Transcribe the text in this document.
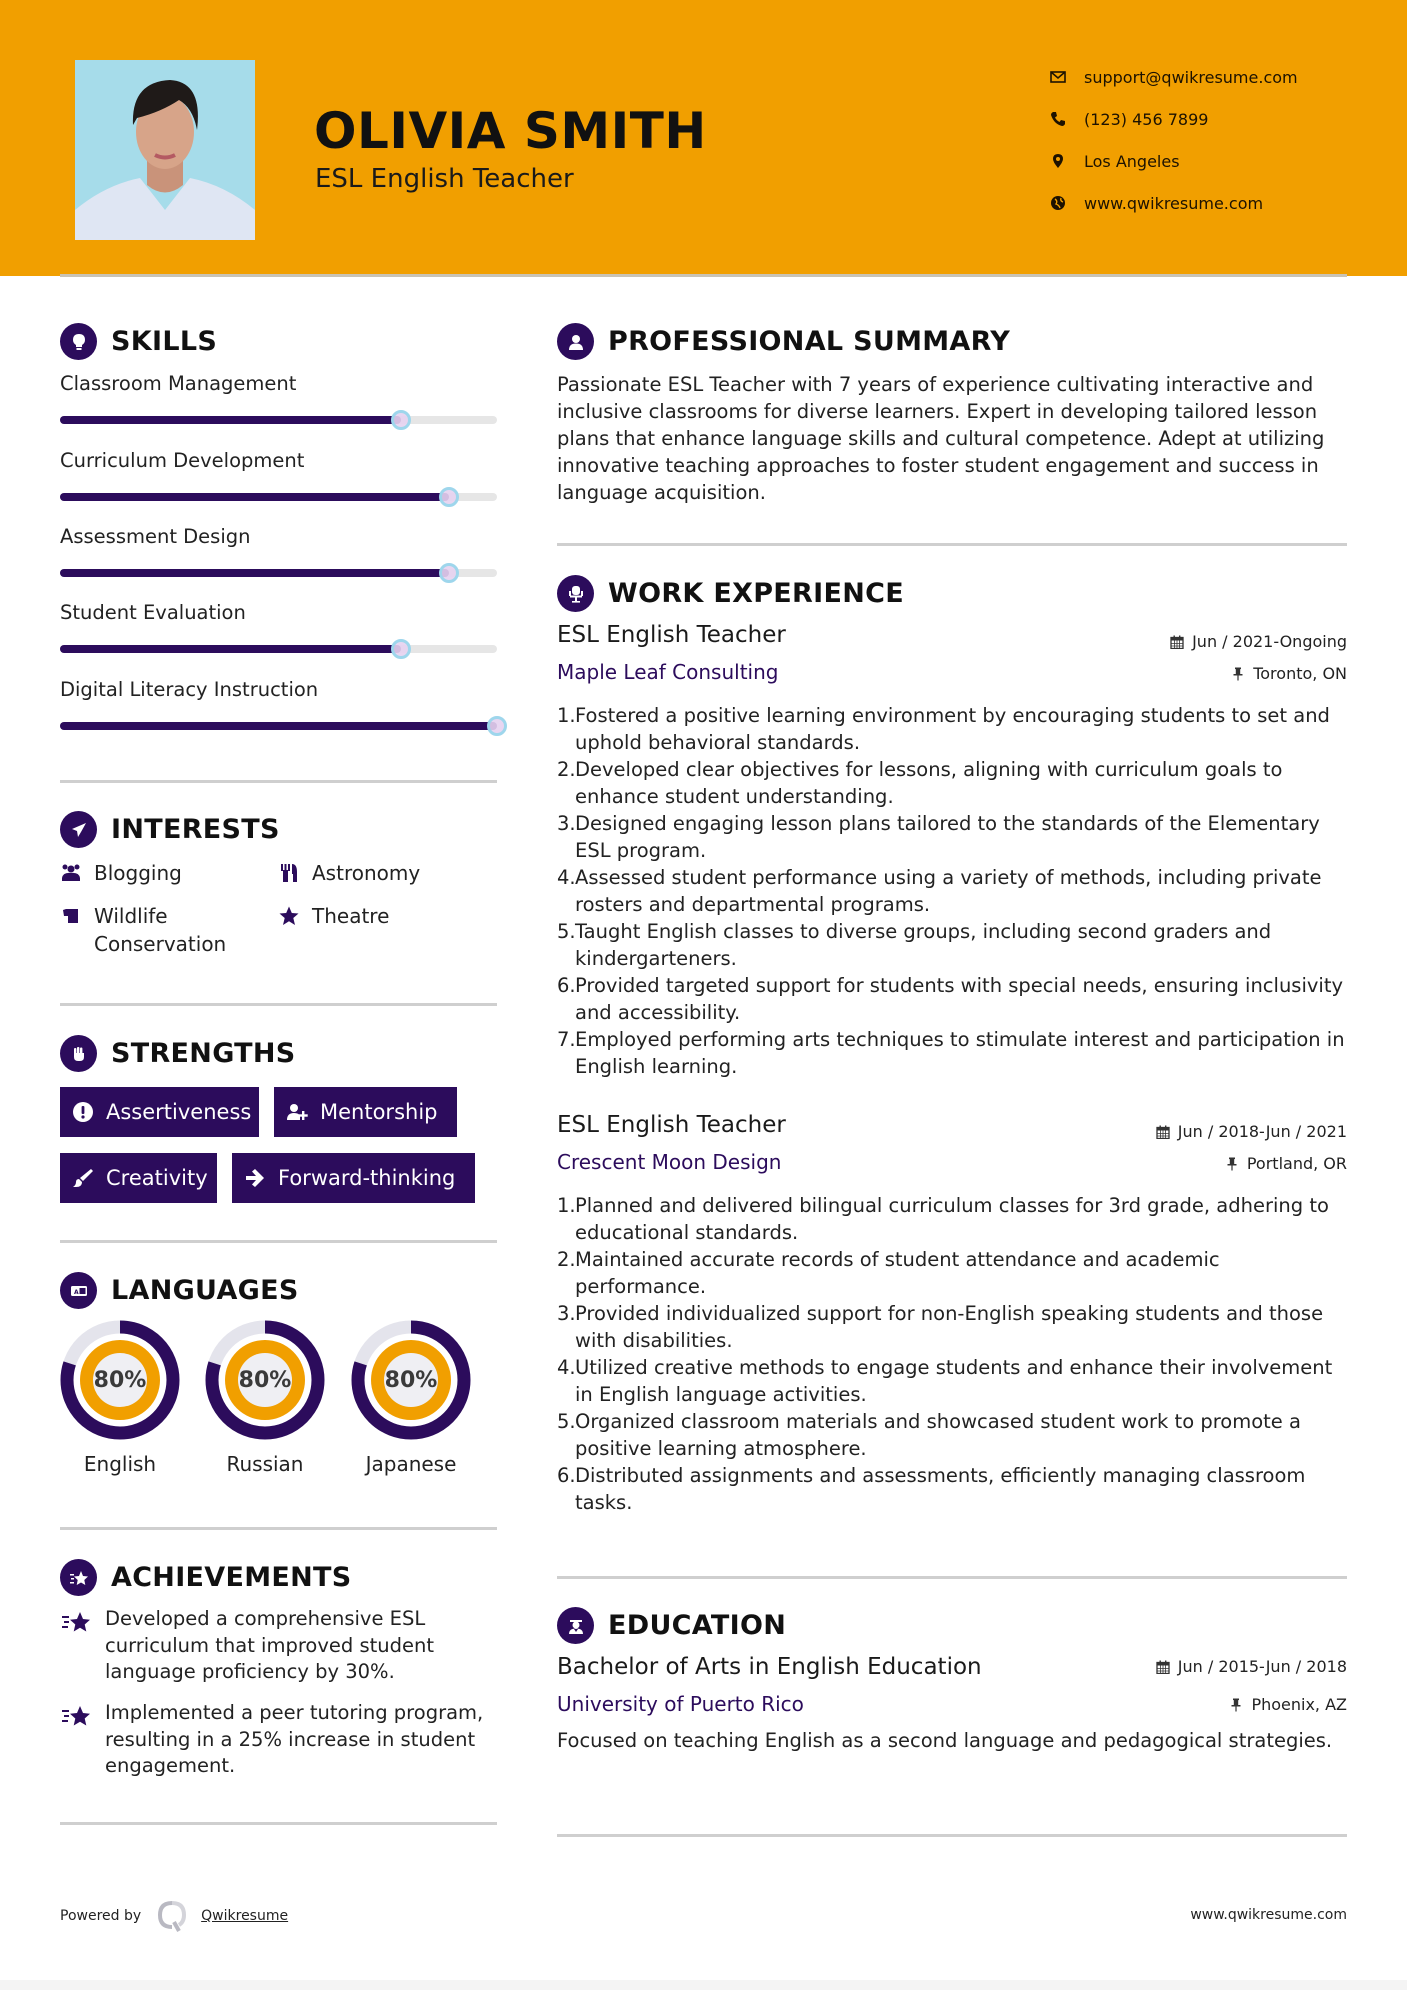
OLIVIA SMITH
ESL English Teacher
support@qwikresume.com
(123) 456 7899
Los Angeles
www.qwikresume.com
SKILLS
Classroom Management
Curriculum Development
Assessment Design
Student Evaluation
Digital Literacy Instruction
INTERESTS
Blogging	Astronomy
Wildlife Conservation
Theatre
STRENGTHS
Assertiveness	Mentorship
Creativity	Forward-thinking
A LANGUAGES
80%
English
80%
Russian
80%
Japanese
ACHIEVEMENTS
Developed a comprehensive ESL curriculum that improved student language proficiency by 30%.
Implemented a peer tutoring program, resulting in a 25% increase in student engagement.
PROFESSIONAL SUMMARY
Passionate ESL Teacher with 7 years of experience cultivating interactive and inclusive classrooms for diverse learners. Expert in developing tailored lesson plans that enhance language skills and cultural competence. Adept at utilizing innovative teaching approaches to foster student engagement and success in language acquisition.
WORK EXPERIENCE
ESL English Teacher	Jun / 2021-Ongoing
Maple Leaf Consulting	Toronto, ON
1.Fostered a positive learning environment by encouraging students to set and uphold behavioral standards.
2.Developed clear objectives for lessons, aligning with curriculum goals to enhance student understanding.
3.Designed engaging lesson plans tailored to the standards of the Elementary ESL program.
4.Assessed student performance using a variety of methods, including private rosters and departmental programs.
5.Taught English classes to diverse groups, including second graders and kindergarteners.
6.Provided targeted support for students with special needs, ensuring inclusivity and accessibility.
7.Employed performing arts techniques to stimulate interest and participation in English learning.
ESL English Teacher	Jun / 2018-Jun / 2021
Crescent Moon Design	Portland, OR
1.Planned and delivered bilingual curriculum classes for 3rd grade, adhering to educational standards.
2.Maintained accurate records of student attendance and academic performance.
3.Provided individualized support for non-English speaking students and those with disabilities.
4.Utilized creative methods to engage students and enhance their involvement in English language activities.
5.Organized classroom materials and showcased student work to promote a positive learning atmosphere.
6.Distributed assignments and assessments, efficiently managing classroom tasks.
EDUCATION
Bachelor of Arts in English Education	Jun / 2015-Jun / 2018
University of Puerto Rico	Phoenix, AZ
Focused on teaching English as a second language and pedagogical strategies.
Powered by	Qwikresume	www.qwikresume.com
